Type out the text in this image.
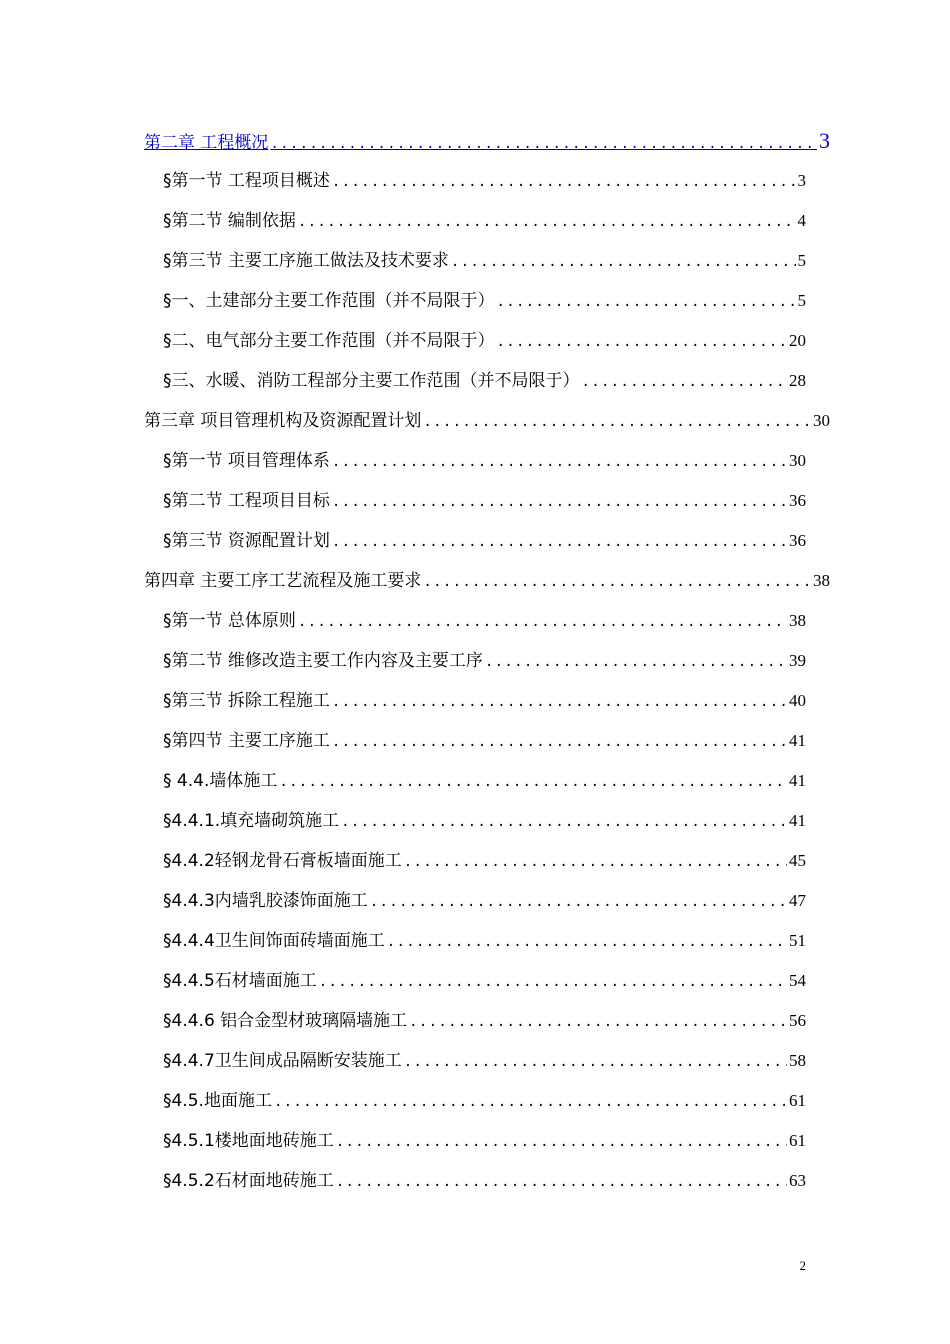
第二章 工程概况 .....	3
§第一节 工程项目概述 .....	3
§第二节 编制依据 .....	4
§第三节 主要工序施工做法及技术要求 .....	5
§一、土建部分主要工作范围（并不局限于） .....	5
§二、电气部分主要工作范围（并不局限于） .....	20
§三、水暖、消防工程部分主要工作范围（并不局限于） .....	28
第三章 项目管理机构及资源配置计划 .....	30
§第一节 项目管理体系 .....	30
§第二节 工程项目目标 .....	36
§第三节 资源配置计划 .....	36
第四章 主要工序工艺流程及施工要求 .....	38
§第一节 总体原则 .....	38
§第二节 维修改造主要工作内容及主要工序 .....	39
§第三节 拆除工程施工 .....	40
§第四节 主要工序施工 .....	41
§ 4.4.墙体施工 .....	41
§4.4.1.填充墙砌筑施工 .....	41
§4.4.2轻钢龙骨石膏板墙面施工 .....	45
§4.4.3内墙乳胶漆饰面施工 .....	47
§4.4.4卫生间饰面砖墙面施工 .....	51
§4.4.5石材墙面施工 .....	54
§4.4.6 铝合金型材玻璃隔墙施工 .....	56
§4.4.7卫生间成品隔断安装施工 .....	58
§4.5.地面施工 .....	61
§4.5.1楼地面地砖施工 .....	61
§4.5.2石材面地砖施工 .....	63
2
